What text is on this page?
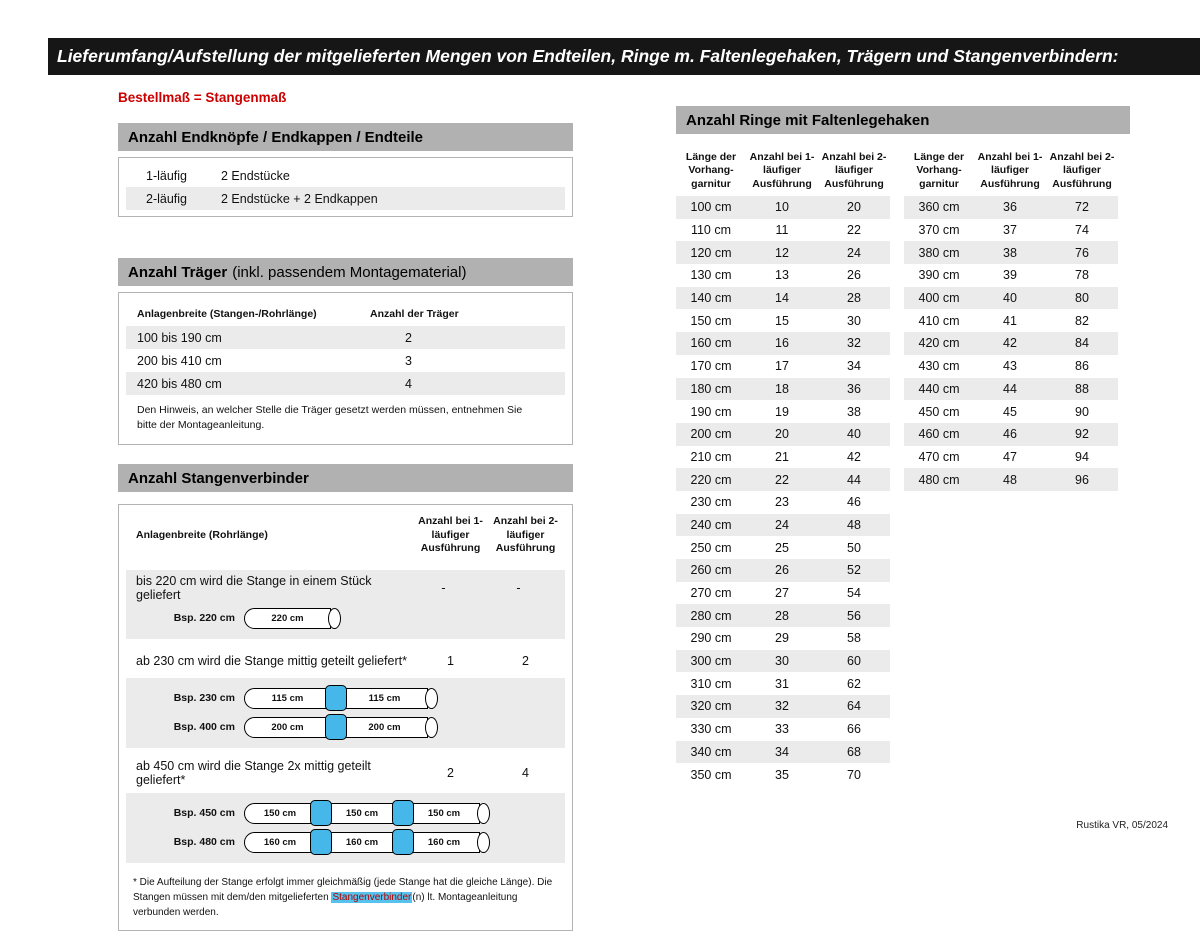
Lieferumfang/Aufstellung der mitgelieferten Mengen von Endteilen, Ringe m. Faltenlegehaken, Trägern und Stangenverbindern:
Bestellmaß = Stangenmaß
Anzahl Endknöpfe / Endkappen / Endteile
1-läufig	2 Endstücke
2-läufig	2 Endstücke + 2 Endkappen
Anzahl Träger (inkl. passendem Montagematerial)
Anlagenbreite (Stangen-/Rohrlänge)	Anzahl der Träger
100 bis 190 cm	2
200 bis 410 cm	3
420 bis 480 cm	4
Den Hinweis, an welcher Stelle die Träger gesetzt werden müssen, entnehmen Sie bitte der Montageanleitung.
Anzahl Stangenverbinder
Anlagenbreite (Rohrlänge)
Anzahl bei 1-läufiger Ausführung
Anzahl bei 2-läufiger Ausführung
bis 220 cm wird die Stange in einem Stück geliefert	-	-
Bsp. 220 cm	220 cm
ab 230 cm wird die Stange mittig geteilt geliefert*	1	2
Bsp. 230 cm	115 cm	115 cm
Bsp. 400 cm	200 cm	200 cm
ab 450 cm wird die Stange 2x mittig geteilt geliefert*	2	4
Bsp. 450 cm	150 cm	150 cm	150 cm
Bsp. 480 cm	160 cm	160 cm	160 cm
* Die Aufteilung der Stange erfolgt immer gleichmäßig (jede Stange hat die gleiche Länge). Die Stangen müssen mit dem/den mitgelieferten Stangenverbinder(n) lt. Montageanleitung verbunden werden.
Anzahl Ringe mit Faltenlegehaken
Länge der Vorhang-garnitur
Anzahl bei 1-läufiger Ausführung
Anzahl bei 2-läufiger Ausführung
100 cm	10	20
110 cm	11	22
120 cm	12	24
130 cm	13	26
140 cm	14	28
150 cm	15	30
160 cm	16	32
170 cm	17	34
180 cm	18	36
190 cm	19	38
200 cm	20	40
210 cm	21	42
220 cm	22	44
230 cm	23	46
240 cm	24	48
250 cm	25	50
260 cm	26	52
270 cm	27	54
280 cm	28	56
290 cm	29	58
300 cm	30	60
310 cm	31	62
320 cm	32	64
330 cm	33	66
340 cm	34	68
350 cm	35	70
Länge der Vorhang-garnitur
Anzahl bei 1-läufiger Ausführung
Anzahl bei 2-läufiger Ausführung
360 cm	36	72
370 cm	37	74
380 cm	38	76
390 cm	39	78
400 cm	40	80
410 cm	41	82
420 cm	42	84
430 cm	43	86
440 cm	44	88
450 cm	45	90
460 cm	46	92
470 cm	47	94
480 cm	48	96
Rustika VR, 05/2024
